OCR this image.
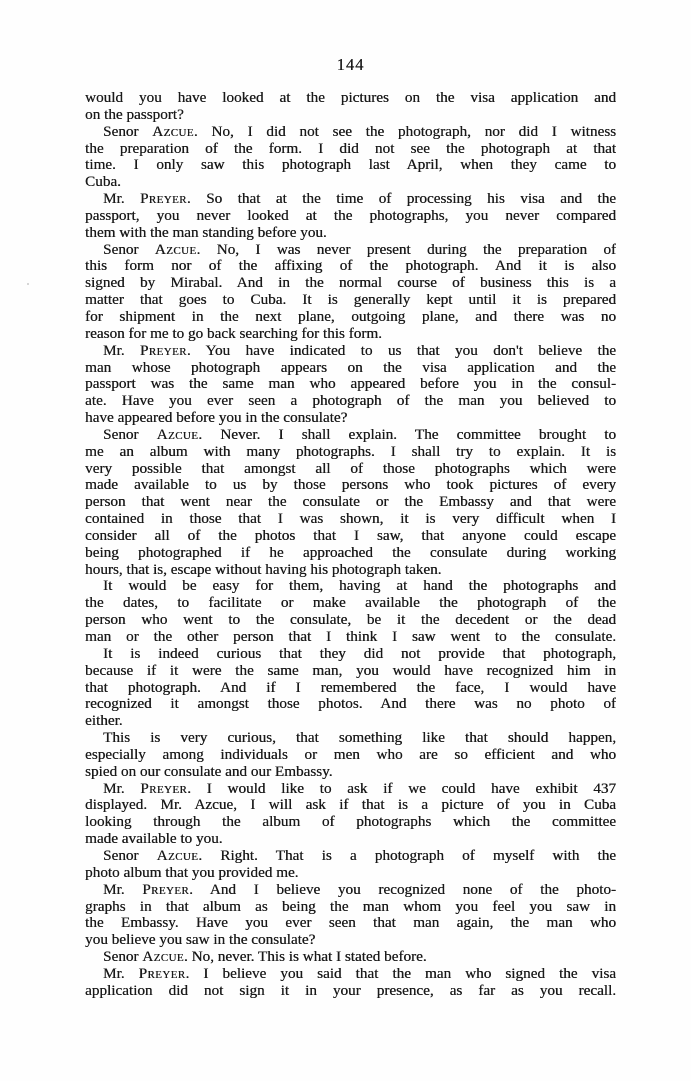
144
would you have looked at the pictures on the visa application and
on the passport?
Senor Azcue. No, I did not see the photograph, nor did I witness
the preparation of the form. I did not see the photograph at that
time. I only saw this photograph last April, when they came to
Cuba.
Mr. Preyer. So that at the time of processing his visa and the
passport, you never looked at the photographs, you never compared
them with the man standing before you.
Senor Azcue. No, I was never present during the preparation of
this form nor of the affixing of the photograph. And it is also
signed by Mirabal. And in the normal course of business this is a
matter that goes to Cuba. It is generally kept until it is prepared
for shipment in the next plane, outgoing plane, and there was no
reason for me to go back searching for this form.
Mr. Preyer. You have indicated to us that you don't believe the
man whose photograph appears on the visa application and the
passport was the same man who appeared before you in the consul-
ate. Have you ever seen a photograph of the man you believed to
have appeared before you in the consulate?
Senor Azcue. Never. I shall explain. The committee brought to
me an album with many photographs. I shall try to explain. It is
very possible that amongst all of those photographs which were
made available to us by those persons who took pictures of every
person that went near the consulate or the Embassy and that were
contained in those that I was shown, it is very difficult when I
consider all of the photos that I saw, that anyone could escape
being photographed if he approached the consulate during working
hours, that is, escape without having his photograph taken.
It would be easy for them, having at hand the photographs and
the dates, to facilitate or make available the photograph of the
person who went to the consulate, be it the decedent or the dead
man or the other person that I think I saw went to the consulate.
It is indeed curious that they did not provide that photograph,
because if it were the same man, you would have recognized him in
that photograph. And if I remembered the face, I would have
recognized it amongst those photos. And there was no photo of
either.
This is very curious, that something like that should happen,
especially among individuals or men who are so efficient and who
spied on our consulate and our Embassy.
Mr. Preyer. I would like to ask if we could have exhibit 437
displayed. Mr. Azcue, I will ask if that is a picture of you in Cuba
looking through the album of photographs which the committee
made available to you.
Senor Azcue. Right. That is a photograph of myself with the
photo album that you provided me.
Mr. Preyer. And I believe you recognized none of the photo-
graphs in that album as being the man whom you feel you saw in
the Embassy. Have you ever seen that man again, the man who
you believe you saw in the consulate?
Senor Azcue. No, never. This is what I stated before.
Mr. Preyer. I believe you said that the man who signed the visa
application did not sign it in your presence, as far as you recall.
